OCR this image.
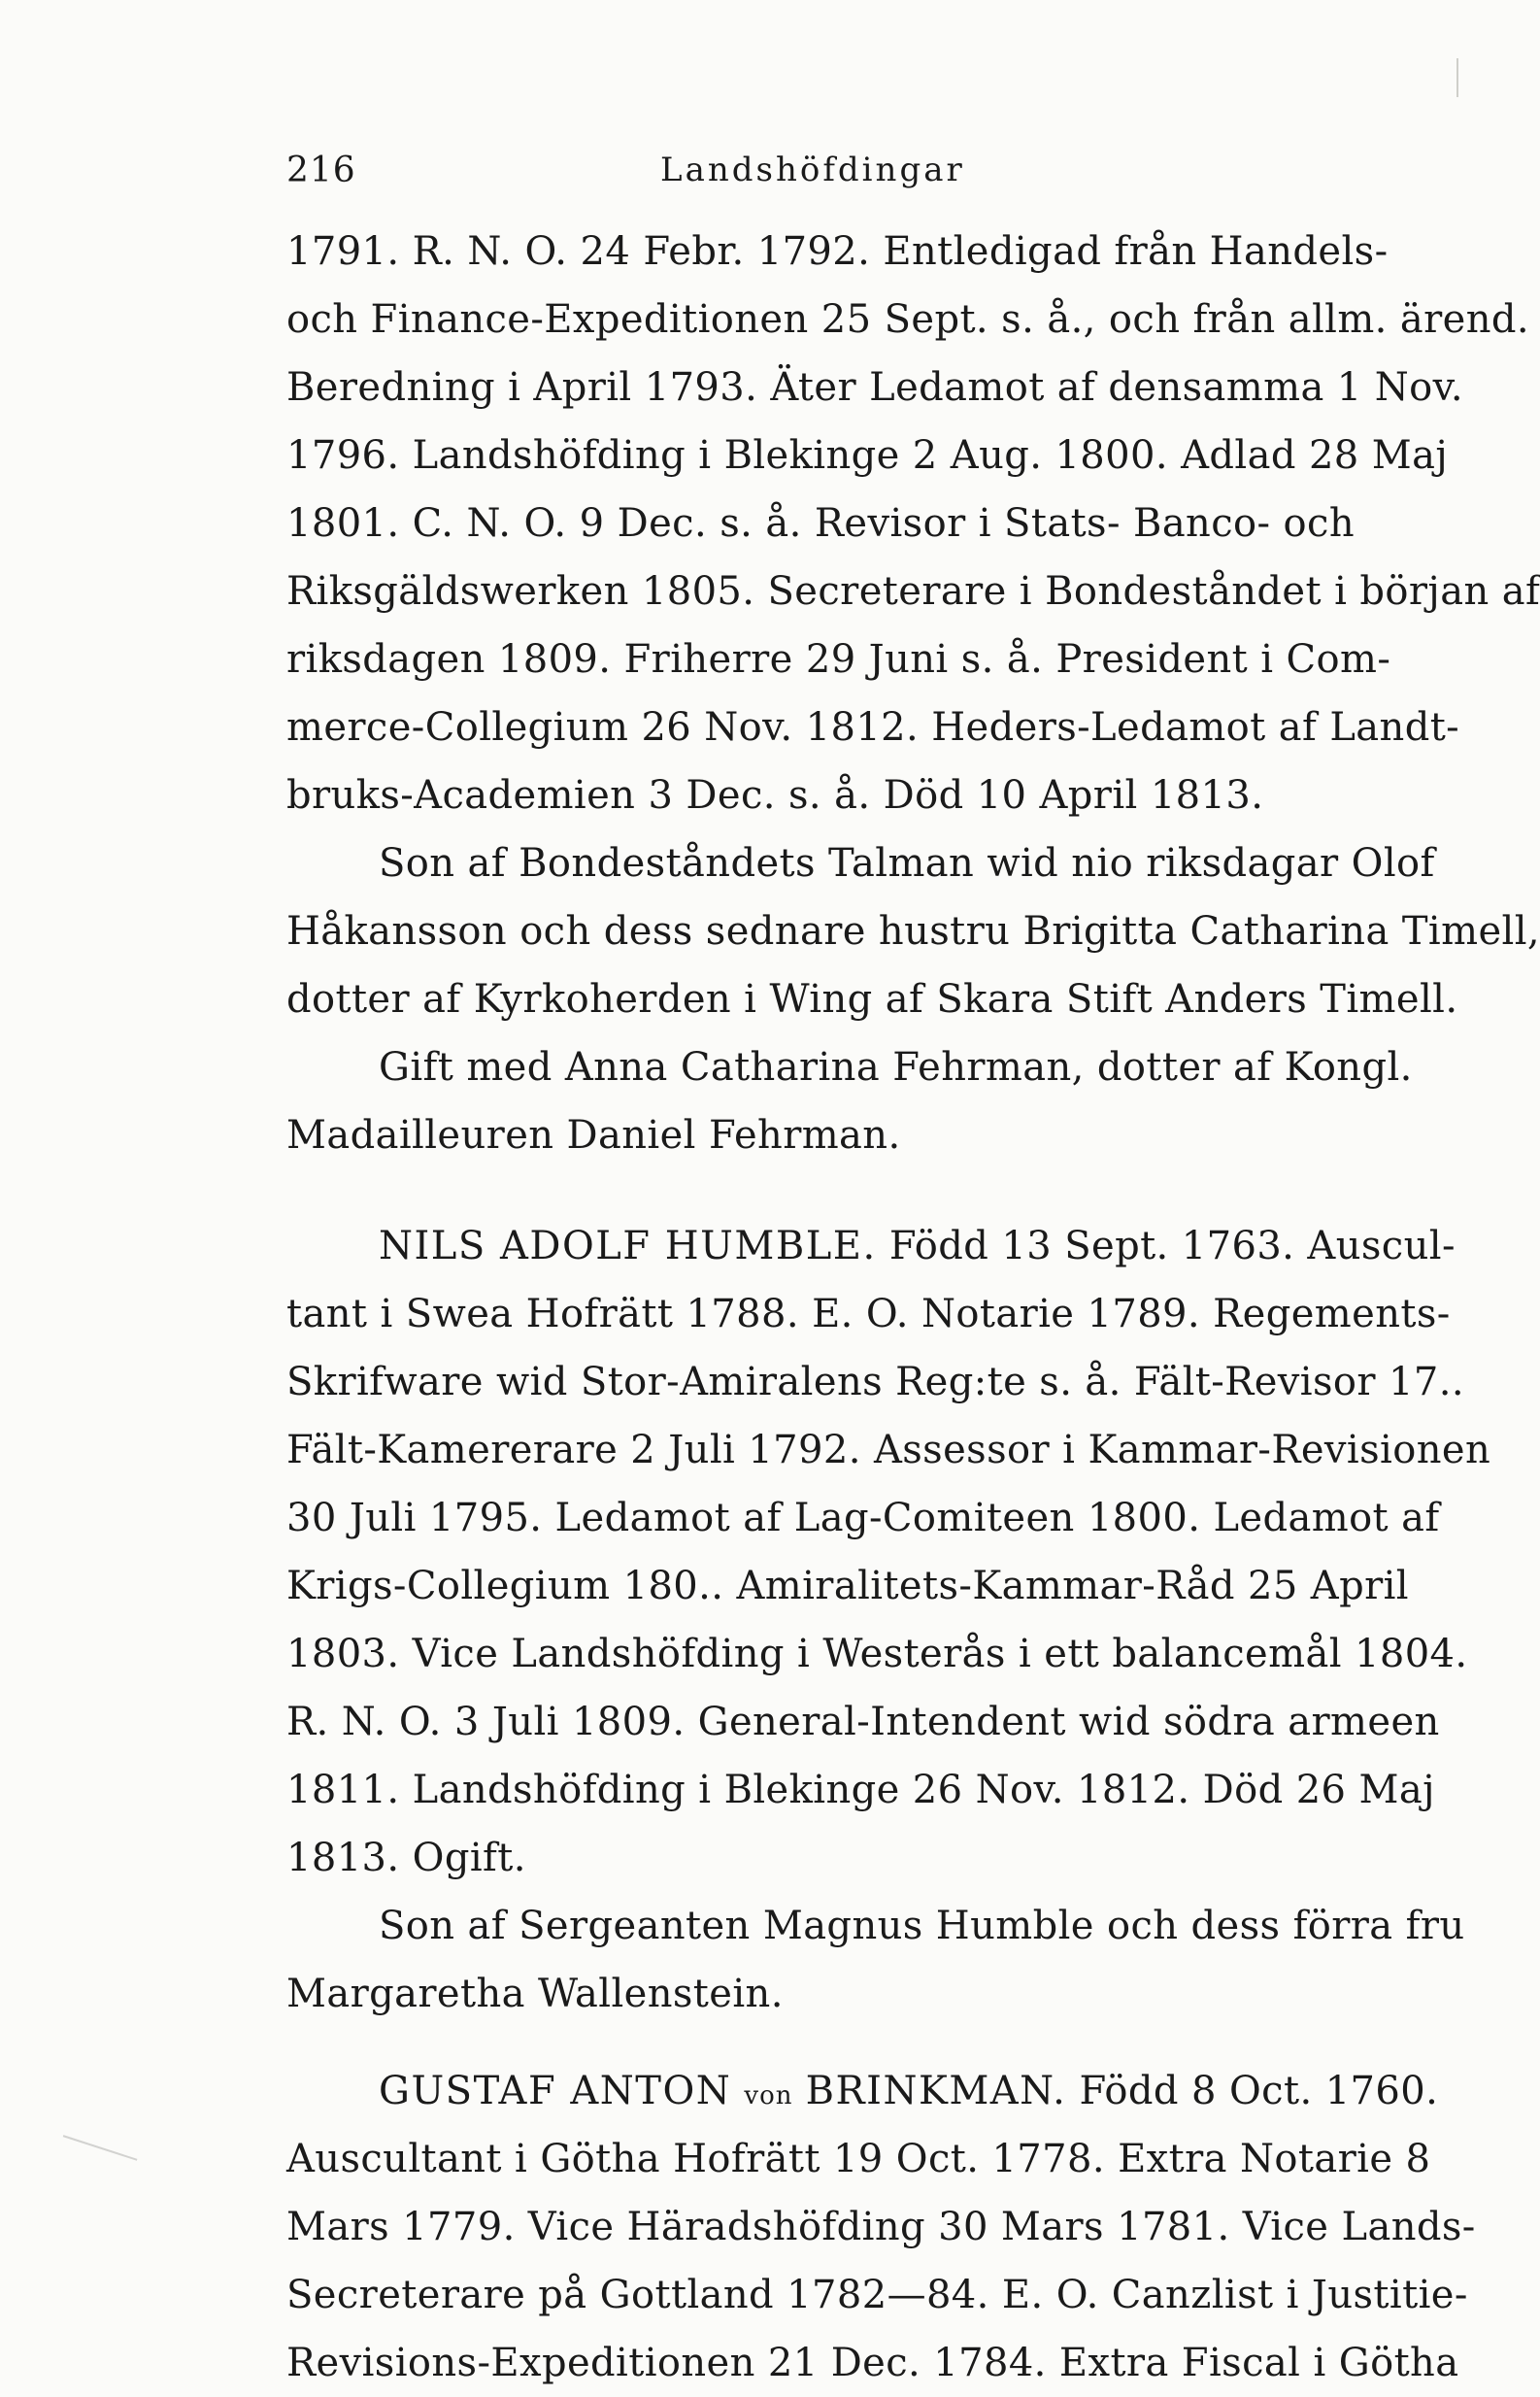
216	Landshöfdingar
1791. R. N. O. 24 Febr. 1792. Entledigad från Handels-
och Finance-Expeditionen 25 Sept. s. å., och från allm. ärend.
Beredning i April 1793. Äter Ledamot af densamma 1 Nov.
1796. Landshöfding i Blekinge 2 Aug. 1800. Adlad 28 Maj
1801. C. N. O. 9 Dec. s. å. Revisor i Stats- Banco- och
Riksgäldswerken 1805. Secreterare i Bondeståndet i början af
riksdagen 1809. Friherre 29 Juni s. å. President i Com-
merce-Collegium 26 Nov. 1812. Heders-Ledamot af Landt-
bruks-Academien 3 Dec. s. å. Död 10 April 1813.
Son af Bondeståndets Talman wid nio riksdagar Olof
Håkansson och dess sednare hustru Brigitta Catharina Timell,
dotter af Kyrkoherden i Wing af Skara Stift Anders Timell.
Gift med Anna Catharina Fehrman, dotter af Kongl.
Madailleuren Daniel Fehrman.
NILS ADOLF HUMBLE. Född 13 Sept. 1763. Auscul-
tant i Swea Hofrätt 1788. E. O. Notarie 1789. Regements-
Skrifware wid Stor-Amiralens Reg:te s. å. Fält-Revisor 17..
Fält-Kamererare 2 Juli 1792. Assessor i Kammar-Revisionen
30 Juli 1795. Ledamot af Lag-Comiteen 1800. Ledamot af
Krigs-Collegium 180.. Amiralitets-Kammar-Råd 25 April
1803. Vice Landshöfding i Westerås i ett balancemål 1804.
R. N. O. 3 Juli 1809. General-Intendent wid södra armeen
1811. Landshöfding i Blekinge 26 Nov. 1812. Död 26 Maj
1813. Ogift.
Son af Sergeanten Magnus Humble och dess förra fru
Margaretha Wallenstein.
GUSTAF ANTON von BRINKMAN. Född 8 Oct. 1760.
Auscultant i Götha Hofrätt 19 Oct. 1778. Extra Notarie 8
Mars 1779. Vice Häradshöfding 30 Mars 1781. Vice Lands-
Secreterare på Gottland 1782—84. E. O. Canzlist i Justitie-
Revisions-Expeditionen 21 Dec. 1784. Extra Fiscal i Götha
